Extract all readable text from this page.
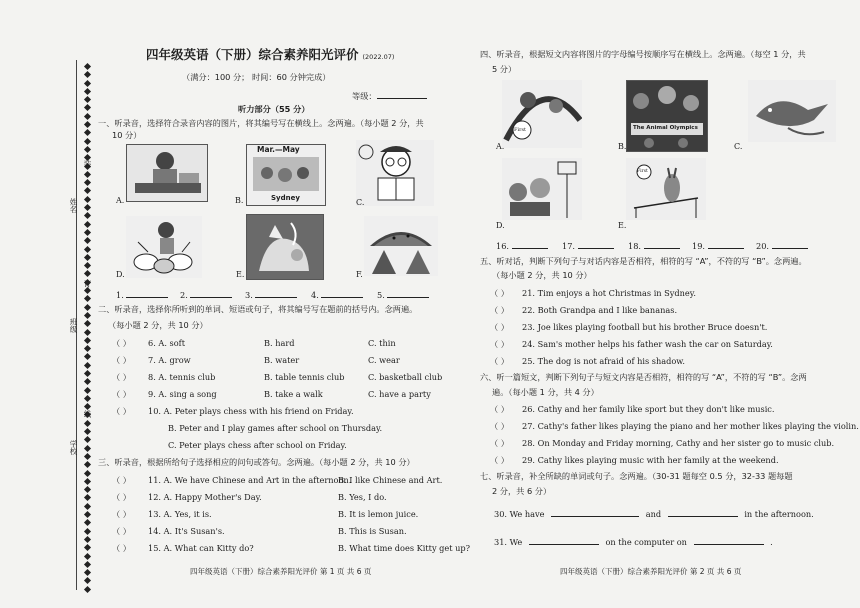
姓名
班级
学校
装
订
线
四年级英语（下册）综合素养阳光评价 (2022.07)
（满分：100 分； 时间：60 分钟完成）
等级：
听力部分（55 分）
一、听录音，选择符合录音内容的图片，将其编号写在横线上。念两遍。（每小题 2 分，共
10 分）
A.
Mar.—May
Sydney
B.	C.
D.	E.	F.
1.	2.	3.	4.	5.
二、听录音，选择你所听到的单词、短语或句子，将其编号写在题前的括号内。念两遍。
（每小题 2 分，共 10 分）
（ ） 6. A. soft	B. hard	C. thin
（ ） 7. A. grow	B. water	C. wear
（ ） 8. A. tennis club	B. table tennis club	C. basketball club
（ ） 9. A. sing a song	B. take a walk	C. have a party
（ ） 10. A. Peter plays chess with his friend on Friday.
B. Peter and I play games after school on Thursday.
C. Peter plays chess after school on Friday.
三、听录音，根据所给句子选择相应的问句或答句。念两遍。（每小题 2 分，共 10 分）
（ ） 11. A. We have Chinese and Art in the afternoon.
B. I like Chinese and Art.
（ ） 12. A. Happy Mother's Day.	B. Yes, I do.
（ ） 13. A. Yes, it is.	B. It is lemon juice.
（ ） 14. A. It's Susan's.	B. This is Susan.
（ ） 15. A. What can Kitty do?	B. What time does Kitty get up?
四年级英语（下册）综合素养阳光评价 第 1 页 共 6 页
四、听录音，根据短文内容将图片的字母编号按顺序写在横线上。念两遍。（每空 1 分，共
5 分）
First
A.
The Animal Olympics
B.	C.
D.
First
E.
16.	17.	18.	19.	20.
五、听对话，判断下列句子与对话内容是否相符，相符的写 “A”，不符的写 “B”。念两遍。
（每小题 2 分，共 10 分）
（ ） 21. Tim enjoys a hot Christmas in Sydney.
（ ） 22. Both Grandpa and I like bananas.
（ ） 23. Joe likes playing football but his brother Bruce doesn't.
（ ） 24. Sam's mother helps his father wash the car on Saturday.
（ ） 25. The dog is not afraid of his shadow.
六、听一篇短文，判断下列句子与短文内容是否相符，相符的写 “A”，不符的写 “B”。念两
遍。（每小题 1 分，共 4 分）
（ ） 26. Cathy and her family like sport but they don't like music.
（ ） 27. Cathy's father likes playing the piano and her mother likes playing the violin.
（ ） 28. On Monday and Friday morning, Cathy and her sister go to music club.
（ ） 29. Cathy likes playing music with her family at the weekend.
七、听录音，补全所缺的单词或句子。念两遍。（30-31 题每空 0.5 分，32-33 题每题
2 分，共 6 分）
30. We have	and	in the afternoon.
31. We	on the computer on	.
四年级英语（下册）综合素养阳光评价 第 2 页 共 6 页
